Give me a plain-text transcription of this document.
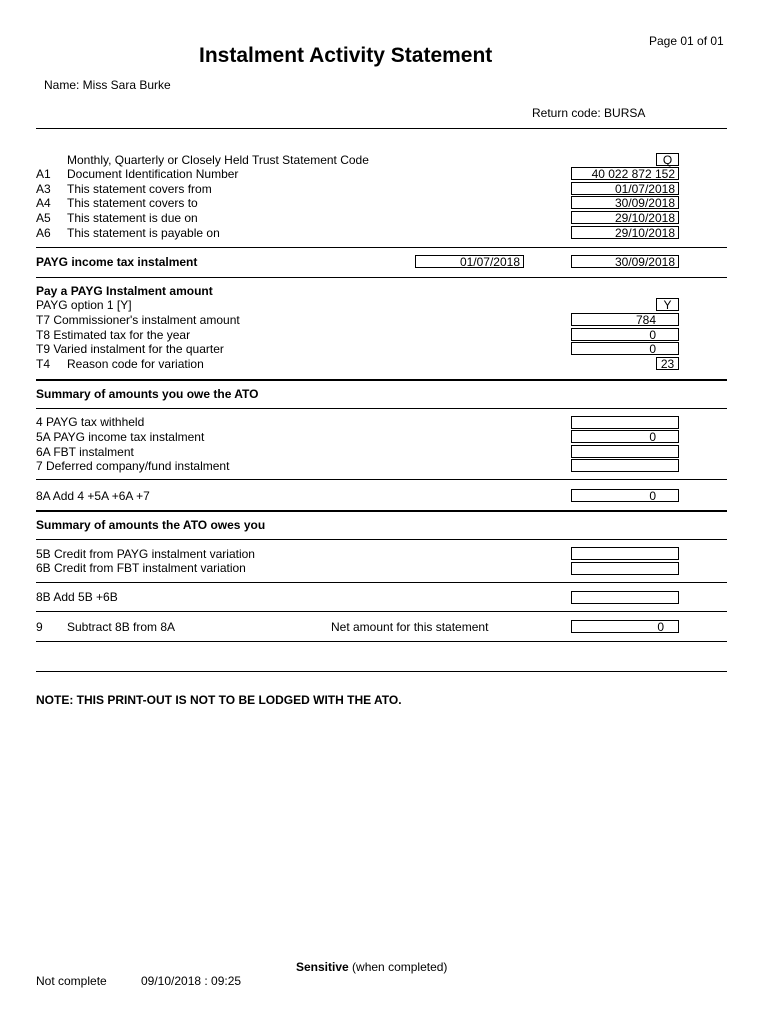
Page 01 of 01
Instalment Activity Statement
Name: Miss Sara Burke
Return code: BURSA
Monthly, Quarterly or Closely Held Trust Statement Code	Q
A1 Document Identification Number	40 022 872 152
A3 This statement covers from	01/07/2018
A4 This statement covers to	30/09/2018
A5 This statement is due on	29/10/2018
A6 This statement is payable on	29/10/2018
PAYG income tax instalment	01/07/2018	30/09/2018
Pay a PAYG Instalment amount
PAYG option 1 [Y]	Y
T7 Commissioner's instalment amount	784
T8 Estimated tax for the year	0
T9 Varied instalment for the quarter	0
T4 Reason code for variation	23
Summary of amounts you owe the ATO
4 PAYG tax withheld
5A PAYG income tax instalment	0
6A FBT instalment
7 Deferred company/fund instalment
8A Add 4 +5A +6A +7	0
Summary of amounts the ATO owes you
5B Credit from PAYG instalment variation
6B Credit from FBT instalment variation
8B Add 5B +6B
9 Subtract 8B from 8A	Net amount for this statement	0
NOTE: THIS PRINT-OUT IS NOT TO BE LODGED WITH THE ATO.
Sensitive (when completed)
Not complete	09/10/2018 : 09:25
